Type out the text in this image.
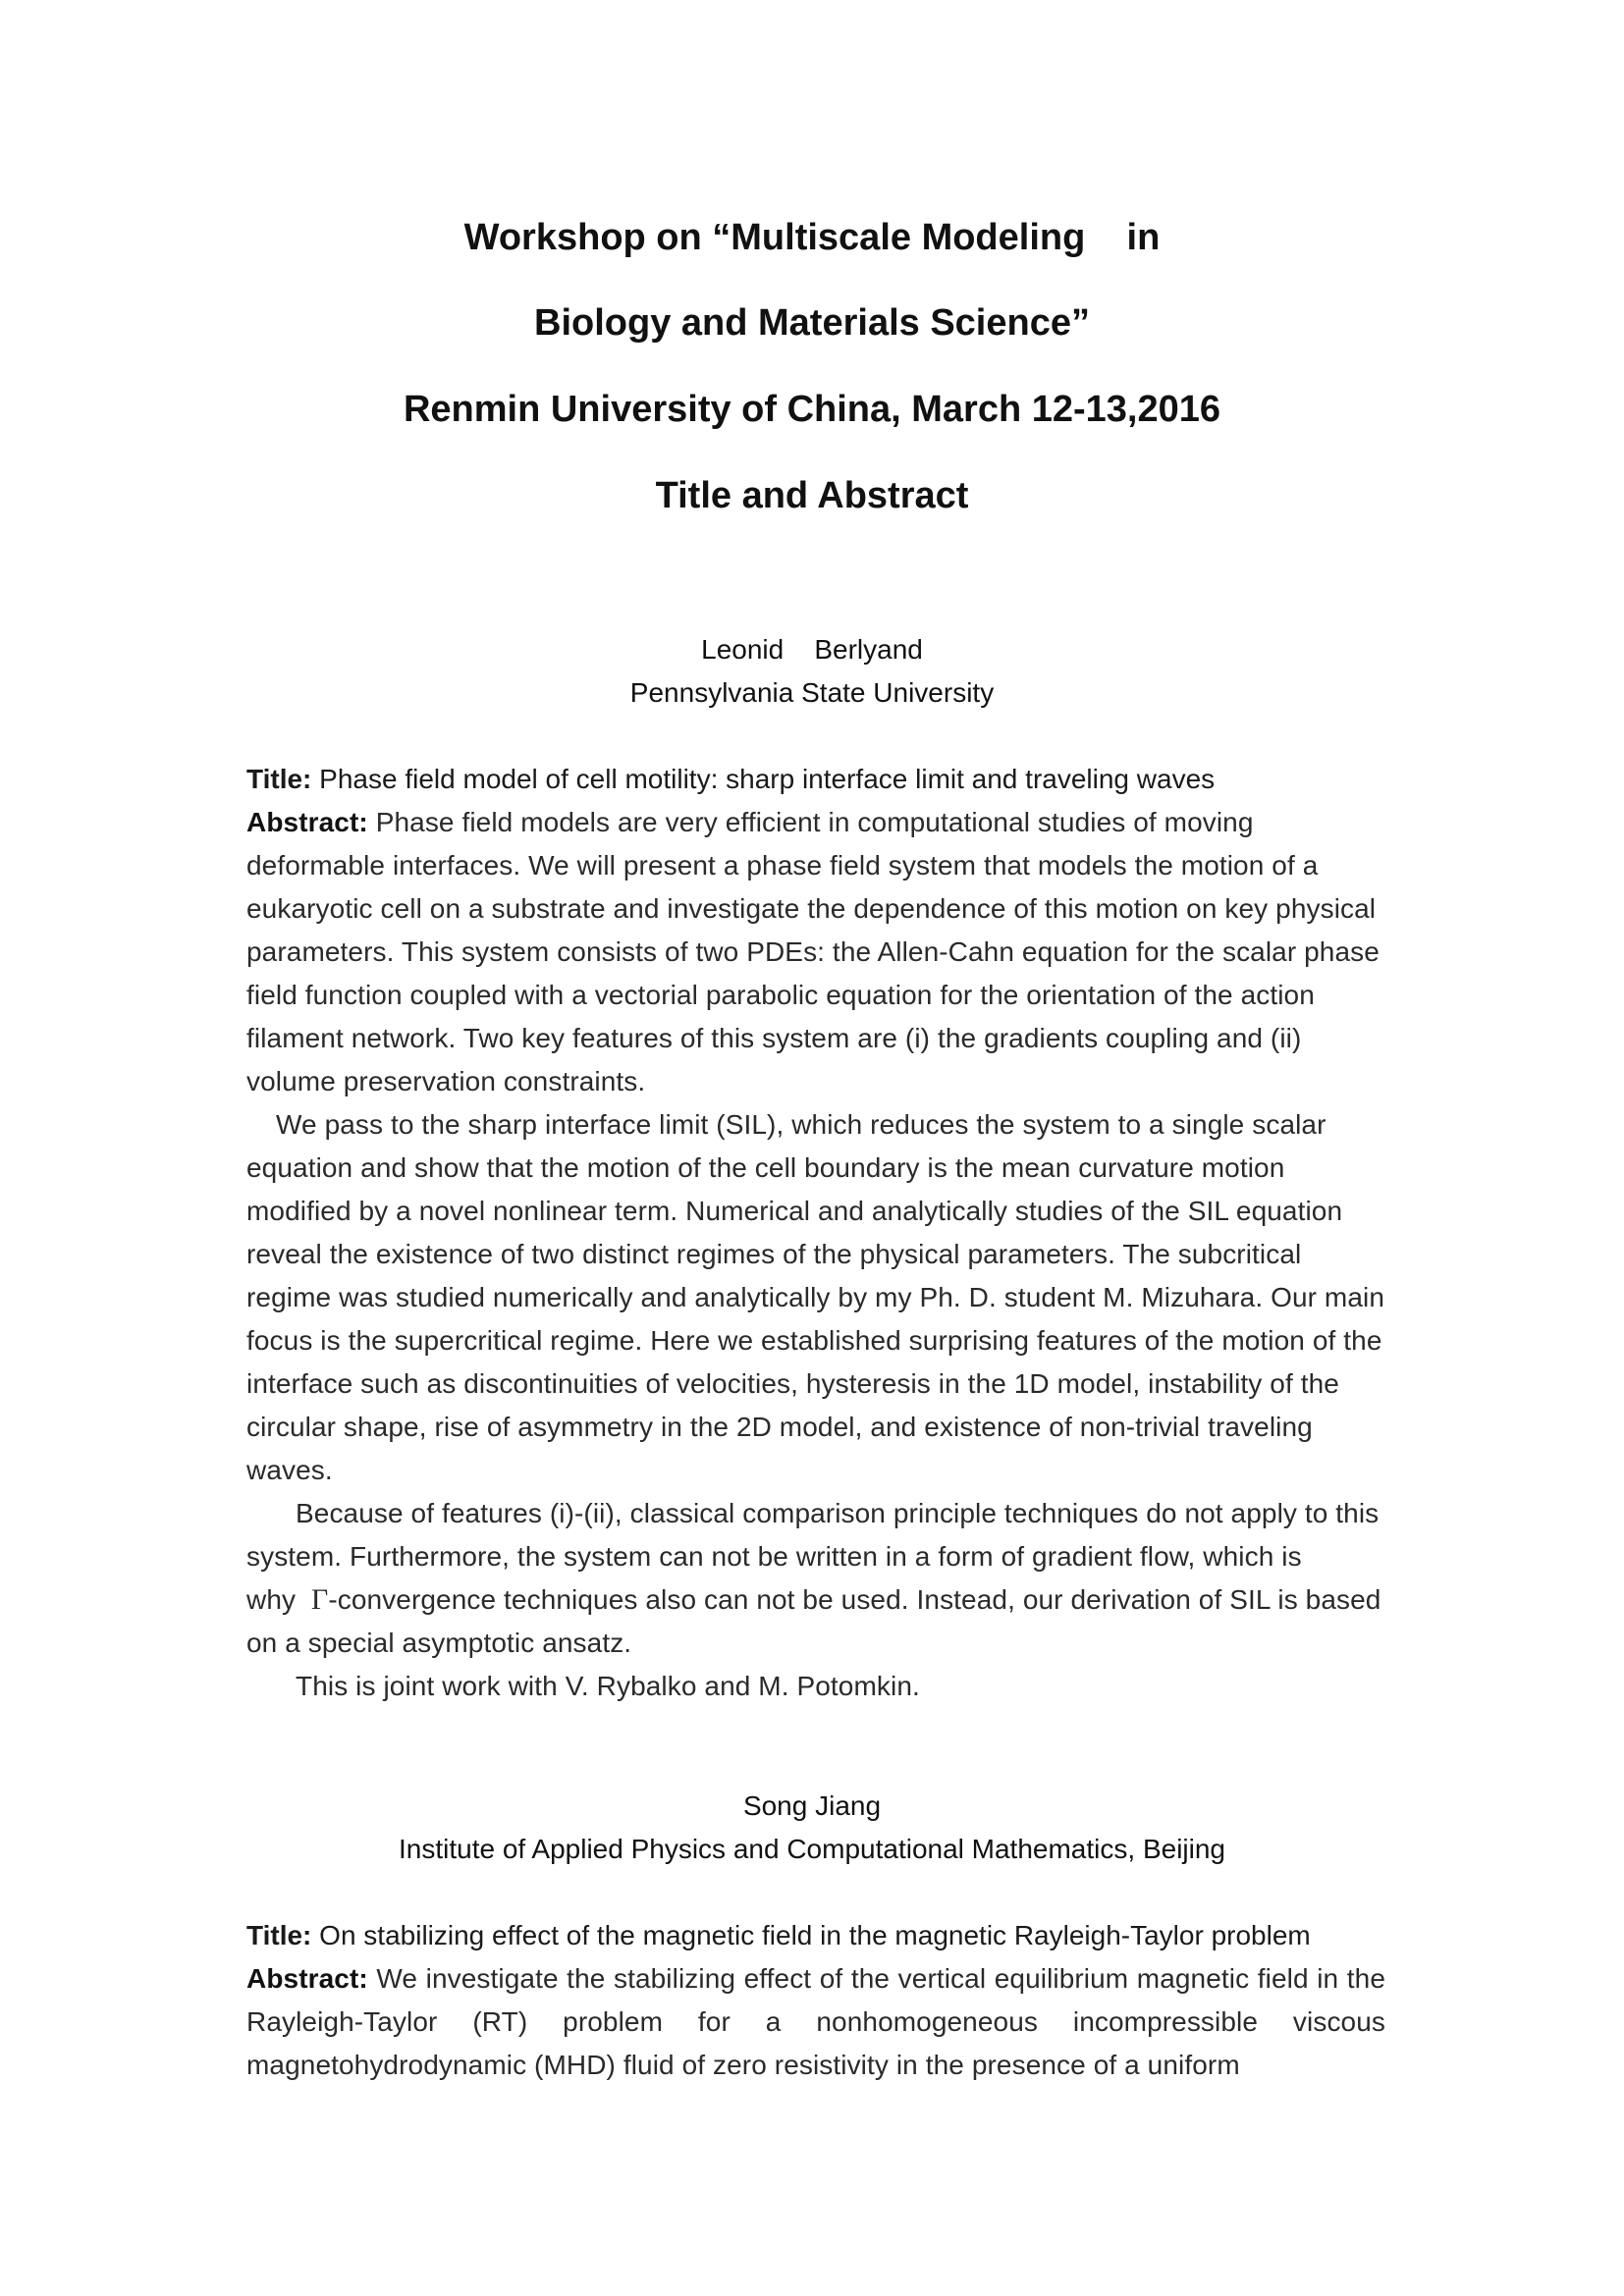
Workshop on “Multiscale Modeling    in
Biology and Materials Science”
Renmin University of China, March 12-13,2016
Title and Abstract
Leonid    Berlyand
Pennsylvania State University
Title: Phase field model of cell motility: sharp interface limit and traveling waves

Abstract: Phase field models are very efficient in computational studies of moving deformable interfaces. We will present a phase field system that models the motion of a eukaryotic cell on a substrate and investigate the dependence of this motion on key physical parameters. This system consists of two PDEs: the Allen-Cahn equation for the scalar phase field function coupled with a vectorial parabolic equation for the orientation of the action filament network. Two key features of this system are (i) the gradients coupling and (ii) volume preservation constraints.

We pass to the sharp interface limit (SIL), which reduces the system to a single scalar equation and show that the motion of the cell boundary is the mean curvature motion modified by a novel nonlinear term. Numerical and analytically studies of the SIL equation reveal the existence of two distinct regimes of the physical parameters. The subcritical regime was studied numerically and analytically by my Ph. D. student M. Mizuhara. Our main focus is the supercritical regime. Here we established surprising features of the motion of the interface such as discontinuities of velocities, hysteresis in the 1D model, instability of the circular shape, rise of asymmetry in the 2D model, and existence of non-trivial traveling waves.

Because of features (i)-(ii), classical comparison principle techniques do not apply to this system. Furthermore, the system can not be written in a form of gradient flow, which is why Γ-convergence techniques also can not be used. Instead, our derivation of SIL is based on a special asymptotic ansatz.

This is joint work with V. Rybalko and M. Potomkin.

Song Jiang
Institute of Applied Physics and Computational Mathematics, Beijing
Title: On stabilizing effect of the magnetic field in the magnetic Rayleigh-Taylor problem

Abstract: We investigate the stabilizing effect of the vertical equilibrium magnetic field in the Rayleigh-Taylor (RT) problem for a nonhomogeneous incompressible viscous magnetohydrodynamic (MHD) fluid of zero resistivity in the presence of a uniform
